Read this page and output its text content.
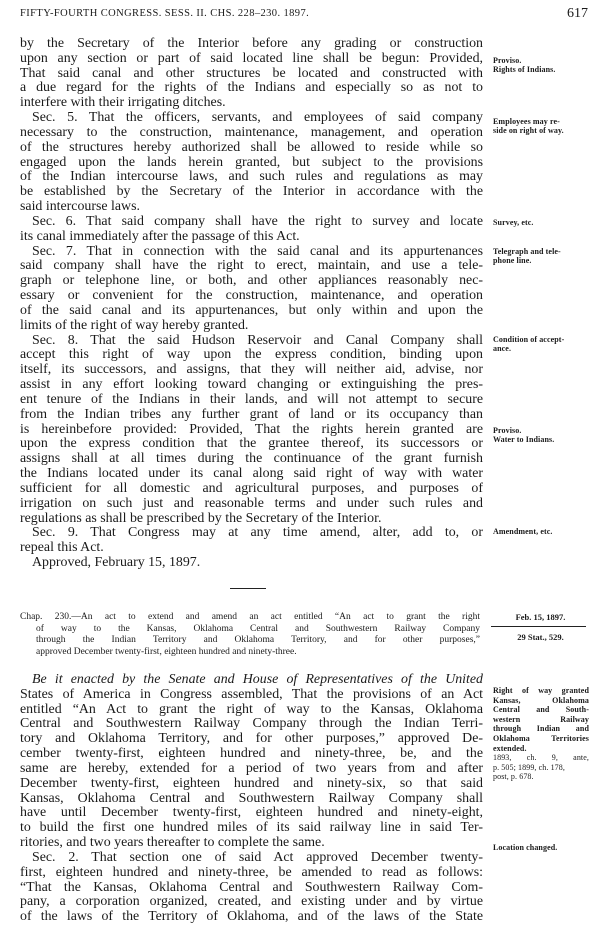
FIFTY-FOURTH CONGRESS. SESS. II. CHS. 228–230. 1897.	617
by the Secretary of the Interior before any grading or construction
upon any section or part of said located line shall be begun: Provided,
That said canal and other structures be located and constructed with
a due regard for the rights of the Indians and especially so as not to
interfere with their irrigating ditches.
Sec. 5. That the officers, servants, and employees of said company
necessary to the construction, maintenance, management, and operation
of the structures hereby authorized shall be allowed to reside while so
engaged upon the lands herein granted, but subject to the provisions
of the Indian intercourse laws, and such rules and regulations as may
be established by the Secretary of the Interior in accordance with the
said intercourse laws.
Sec. 6. That said company shall have the right to survey and locate
its canal immediately after the passage of this Act.
Sec. 7. That in connection with the said canal and its appurtenances
said company shall have the right to erect, maintain, and use a tele-
graph or telephone line, or both, and other appliances reasonably nec-
essary or convenient for the construction, maintenance, and operation
of the said canal and its appurtenances, but only within and upon the
limits of the right of way hereby granted.
Sec. 8. That the said Hudson Reservoir and Canal Company shall
accept this right of way upon the express condition, binding upon
itself, its successors, and assigns, that they will neither aid, advise, nor
assist in any effort looking toward changing or extinguishing the pres-
ent tenure of the Indians in their lands, and will not attempt to secure
from the Indian tribes any further grant of land or its occupancy than
is hereinbefore provided: Provided, That the rights herein granted are
upon the express condition that the grantee thereof, its successors or
assigns shall at all times during the continuance of the grant furnish
the Indians located under its canal along said right of way with water
sufficient for all domestic and agricultural purposes, and purposes of
irrigation on such just and reasonable terms and under such rules and
regulations as shall be prescribed by the Secretary of the Interior.
Sec. 9. That Congress may at any time amend, alter, add to, or
repeal this Act.
Approved, February 15, 1897.
Chap. 230.—An act to extend and amend an act entitled “An act to grant the right
of way to the Kansas, Oklahoma Central and Southwestern Railway Company
through the Indian Territory and Oklahoma Territory, and for other purposes,”
approved December twenty-first, eighteen hundred and ninety-three.
Feb. 15, 1897.
29 Stat., 529.
Be it enacted by the Senate and House of Representatives of the United
States of America in Congress assembled, That the provisions of an Act
entitled “An Act to grant the right of way to the Kansas, Oklahoma
Central and Southwestern Railway Company through the Indian Terri-
tory and Oklahoma Territory, and for other purposes,” approved De-
cember twenty-first, eighteen hundred and ninety-three, be, and the
same are hereby, extended for a period of two years from and after
December twenty-first, eighteen hundred and ninety-six, so that said
Kansas, Oklahoma Central and Southwestern Railway Company shall
have until December twenty-first, eighteen hundred and ninety-eight,
to build the first one hundred miles of its said railway line in said Ter-
ritories, and two years thereafter to complete the same.
Sec. 2. That section one of said Act approved December twenty-
first, eighteen hundred and ninety-three, be amended to read as follows:
“That the Kansas, Oklahoma Central and Southwestern Railway Com-
pany, a corporation organized, created, and existing under and by virtue
of the laws of the Territory of Oklahoma, and of the laws of the State
Proviso.
Rights of Indians.
Employees may re-
side on right of way.
Survey, etc.
Telegraph and tele-
phone line.
Condition of accept-
ance.
Proviso.
Water to Indians.
Amendment, etc.
Right of way granted
Kansas, Oklahoma
Central and South-
western Railway
through Indian and
Oklahoma Territories
extended.
1893, ch. 9, ante,
p. 505; 1899, ch. 178,
post, p. 678.
Location changed.
